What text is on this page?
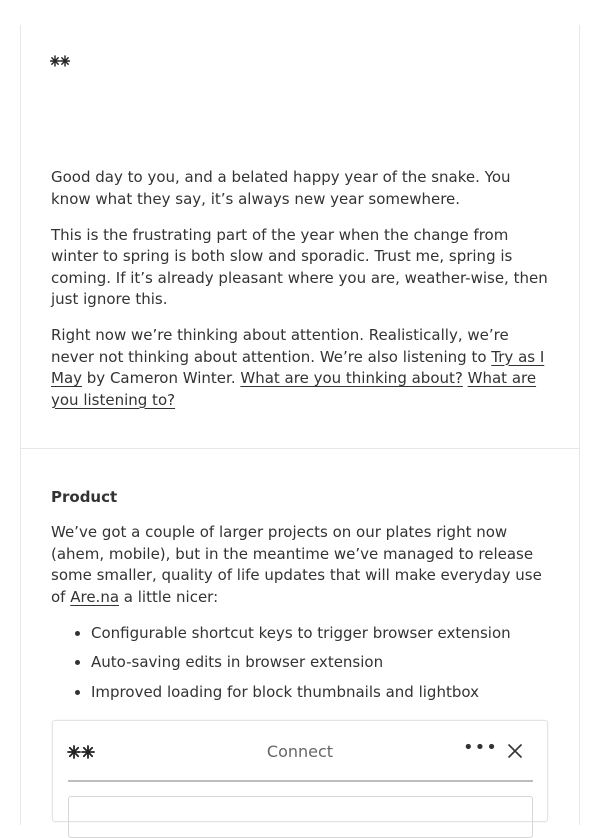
Good day to you, and a belated happy year of the snake. You know what they say, it’s always new year somewhere.

This is the frustrating part of the year when the change from winter to spring is both slow and sporadic. Trust me, spring is coming. If it’s already pleasant where you are, weather-wise, then just ignore this.

Right now we’re thinking about attention. Realistically, we’re never not thinking about attention. We’re also listening to Try as I May by Cameron Winter. What are you thinking about? What are you listening to?

Product

We’ve got a couple of larger projects on our plates right now (ahem, mobile), but in the meantime we’ve managed to release some smaller, quality of life updates that will make everyday use of Are.na a little nicer:

• Configurable shortcut keys to trigger browser extension
• Auto-saving edits in browser extension
• Improved loading for block thumbnails and lightbox
Connect	•••
